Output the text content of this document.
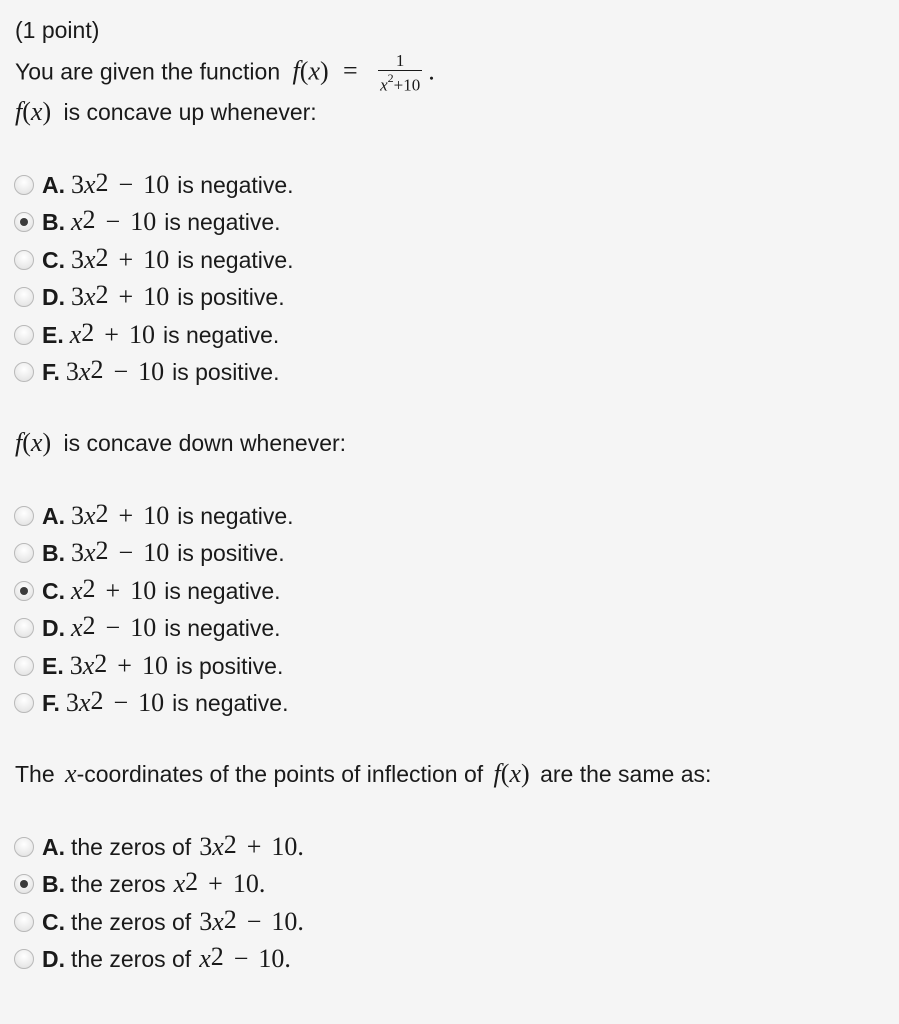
(1 point)
You are given the function $f(x) = \frac{1}{x^2+10}$ .
f(x) is concave up whenever:
A. 3 x $^2$ − 10 is negative.
B. x $^2$ − 10 is negative.
C. 3 x $^2$ + 10 is negative.
D. 3 x $^2$ + 10 is positive.
E. x $^2$ + 10 is negative.
F. 3 x $^2$ − 10 is positive.
f(x) is concave down whenever:
A. 3 x $^2$ + 10 is negative.
B. 3 x $^2$ − 10 is positive.
C. x $^2$ + 10 is negative.
D. x $^2$ − 10 is negative.
E. 3 x $^2$ + 10 is positive.
F. 3 x $^2$ − 10 is negative.
The x-coordinates of the points of inflection of f(x) are the same as:
A. the zeros of 3 x $^2$ + 10.
B. the zeros x $^2$ + 10.
C. the zeros of 3 x $^2$ − 10.
D. the zeros of x $^2$ − 10.
